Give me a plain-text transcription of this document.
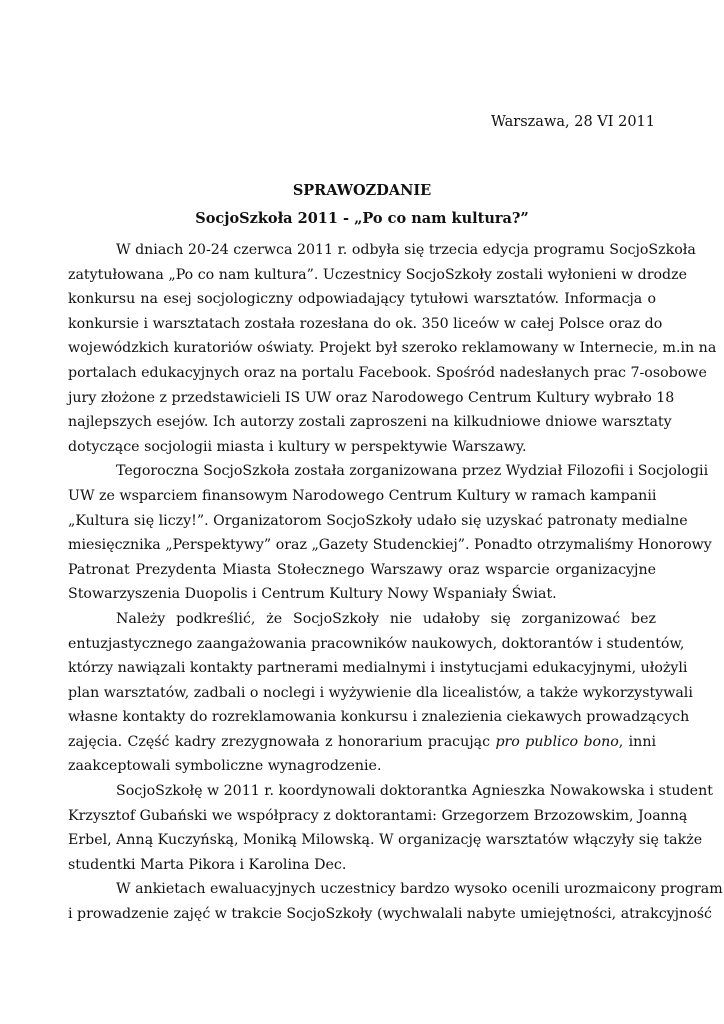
Warszawa, 28 VI 2011
SPRAWOZDANIE
SocjoSzkoła 2011 - „Po co nam kultura?”
W dniach 20-24 czerwca 2011 r. odbyła się trzecia edycja programu SocjoSzkoła
zatytułowana „Po co nam kultura”. Uczestnicy SocjoSzkoły zostali wyłonieni w drodze
konkursu na esej socjologiczny odpowiadający tytułowi warsztatów. Informacja o
konkursie i warsztatach została rozesłana do ok. 350 liceów w całej Polsce oraz do
wojewódzkich kuratoriów oświaty. Projekt był szeroko reklamowany w Internecie, m.in na
portalach edukacyjnych oraz na portalu Facebook. Spośród nadesłanych prac 7-osobowe
jury złożone z przedstawicieli IS UW oraz Narodowego Centrum Kultury wybrało 18
najlepszych esejów. Ich autorzy zostali zaproszeni na kilkudniowe dniowe warsztaty
dotyczące socjologii miasta i kultury w perspektywie Warszawy.
Tegoroczna SocjoSzkoła została zorganizowana przez Wydział Filozofii i Socjologii
UW ze wsparciem finansowym Narodowego Centrum Kultury w ramach kampanii
„Kultura się liczy!”. Organizatorom SocjoSzkoły udało się uzyskać patronaty medialne
miesięcznika „Perspektywy” oraz „Gazety Studenckiej”. Ponadto otrzymaliśmy Honorowy
Patronat Prezydenta Miasta Stołecznego Warszawy oraz wsparcie organizacyjne
Stowarzyszenia Duopolis i Centrum Kultury Nowy Wspaniały Świat.
Należy podkreślić, że SocjoSzkoły nie udałoby się zorganizować bez
entuzjastycznego zaangażowania pracowników naukowych, doktorantów i studentów,
którzy nawiązali kontakty partnerami medialnymi i instytucjami edukacyjnymi, ułożyli
plan warsztatów, zadbali o noclegi i wyżywienie dla licealistów, a także wykorzystywali
własne kontakty do rozreklamowania konkursu i znalezienia ciekawych prowadzących
zajęcia. Część kadry zrezygnowała z honorarium pracując pro publico bono, inni
zaakceptowali symboliczne wynagrodzenie.
SocjoSzkołę w 2011 r. koordynowali doktorantka Agnieszka Nowakowska i student
Krzysztof Gubański we współpracy z doktorantami: Grzegorzem Brzozowskim, Joanną
Erbel, Anną Kuczyńską, Moniką Milowską. W organizację warsztatów włączyły się także
studentki Marta Pikora i Karolina Dec.
W ankietach ewaluacyjnych uczestnicy bardzo wysoko ocenili urozmaicony program
i prowadzenie zajęć w trakcie SocjoSzkoły (wychwalali nabyte umiejętności, atrakcyjność
